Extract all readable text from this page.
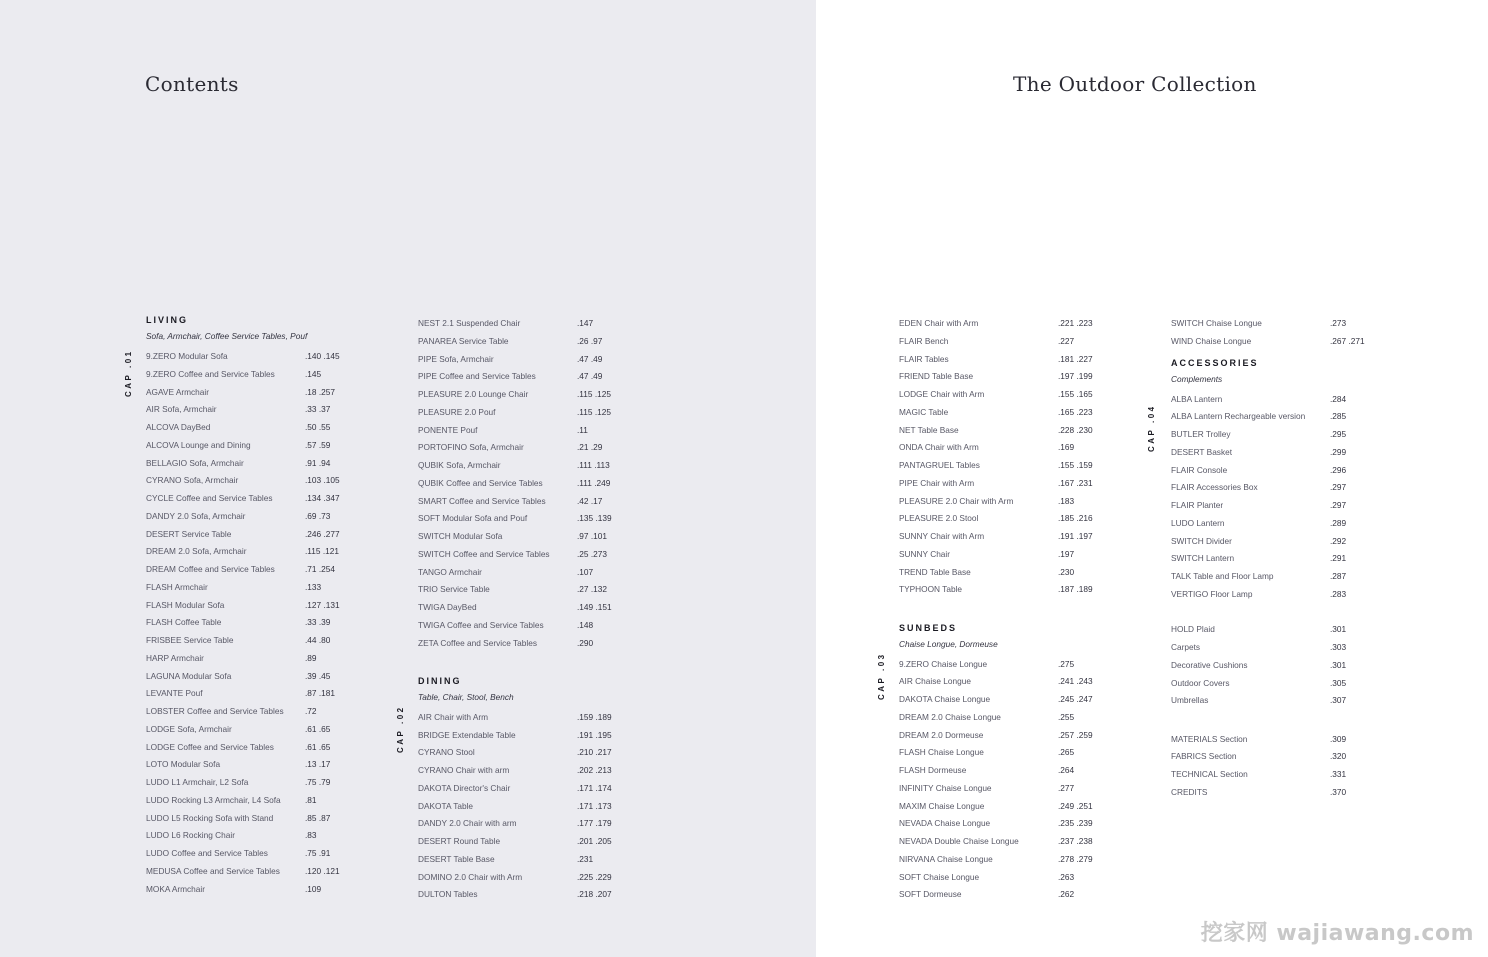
Contents
CAP .01
CAP .02
LIVING
Sofa, Armchair, Coffee Service Tables, Pouf
9.ZERO Modular Sofa	.140 .145
9.ZERO Coffee and Service Tables	.145
AGAVE Armchair	.18 .257
AIR Sofa, Armchair	.33 .37
ALCOVA DayBed	.50 .55
ALCOVA Lounge and Dining	.57 .59
BELLAGIO Sofa, Armchair	.91 .94
CYRANO Sofa, Armchair	.103 .105
CYCLE Coffee and Service Tables	.134 .347
DANDY 2.0 Sofa, Armchair	.69 .73
DESERT Service Table	.246 .277
DREAM 2.0 Sofa, Armchair	.115 .121
DREAM Coffee and Service Tables	.71 .254
FLASH Armchair	.133
FLASH Modular Sofa	.127 .131
FLASH Coffee Table	.33 .39
FRISBEE Service Table	.44 .80
HARP Armchair	.89
LAGUNA Modular Sofa	.39 .45
LEVANTE Pouf	.87 .181
LOBSTER Coffee and Service Tables	.72
LODGE Sofa, Armchair	.61 .65
LODGE Coffee and Service Tables	.61 .65
LOTO Modular Sofa	.13 .17
LUDO L1 Armchair, L2 Sofa	.75 .79
LUDO Rocking L3 Armchair, L4 Sofa	.81
LUDO L5 Rocking Sofa with Stand	.85 .87
LUDO L6 Rocking Chair	.83
LUDO Coffee and Service Tables	.75 .91
MEDUSA Coffee and Service Tables	.120 .121
MOKA Armchair	.109
NEST 2.1 Suspended Chair	.147
PANAREA Service Table	.26 .97
PIPE Sofa, Armchair	.47 .49
PIPE Coffee and Service Tables	.47 .49
PLEASURE 2.0 Lounge Chair	.115 .125
PLEASURE 2.0 Pouf	.115 .125
PONENTE Pouf	.11
PORTOFINO Sofa, Armchair	.21 .29
QUBIK Sofa, Armchair	.111 .113
QUBIK Coffee and Service Tables	.111 .249
SMART Coffee and Service Tables	.42 .17
SOFT Modular Sofa and Pouf	.135 .139
SWITCH Modular Sofa	.97 .101
SWITCH Coffee and Service Tables	.25 .273
TANGO Armchair	.107
TRIO Service Table	.27 .132
TWIGA DayBed	.149 .151
TWIGA Coffee and Service Tables	.148
ZETA Coffee and Service Tables	.290
DINING
Table, Chair, Stool, Bench
AIR Chair with Arm	.159 .189
BRIDGE Extendable Table	.191 .195
CYRANO Stool	.210 .217
CYRANO Chair with arm	.202 .213
DAKOTA Director's Chair	.171 .174
DAKOTA Table	.171 .173
DANDY 2.0 Chair with arm	.177 .179
DESERT Round Table	.201 .205
DESERT Table Base	.231
DOMINO 2.0 Chair with Arm	.225 .229
DULTON Tables	.218 .207
The Outdoor Collection
CAP .03
CAP .04
EDEN Chair with Arm	.221 .223
FLAIR Bench	.227
FLAIR Tables	.181 .227
FRIEND Table Base	.197 .199
LODGE Chair with Arm	.155 .165
MAGIC Table	.165 .223
NET Table Base	.228 .230
ONDA Chair with Arm	.169
PANTAGRUEL Tables	.155 .159
PIPE Chair with Arm	.167 .231
PLEASURE 2.0 Chair with Arm	.183
PLEASURE 2.0 Stool	.185 .216
SUNNY Chair with Arm	.191 .197
SUNNY Chair	.197
TREND Table Base	.230
TYPHOON Table	.187 .189
SUNBEDS
Chaise Longue, Dormeuse
9.ZERO Chaise Longue	.275
AIR Chaise Longue	.241 .243
DAKOTA Chaise Longue	.245 .247
DREAM 2.0 Chaise Longue	.255
DREAM 2.0 Dormeuse	.257 .259
FLASH Chaise Longue	.265
FLASH Dormeuse	.264
INFINITY Chaise Longue	.277
MAXIM Chaise Longue	.249 .251
NEVADA Chaise Longue	.235 .239
NEVADA Double Chaise Longue	.237 .238
NIRVANA Chaise Longue	.278 .279
SOFT Chaise Longue	.263
SOFT Dormeuse	.262
SWITCH Chaise Longue	.273
WIND Chaise Longue	.267 .271
ACCESSORIES
Complements
ALBA Lantern	.284
ALBA Lantern Rechargeable version	.285
BUTLER Trolley	.295
DESERT Basket	.299
FLAIR Console	.296
FLAIR Accessories Box	.297
FLAIR Planter	.297
LUDO Lantern	.289
SWITCH Divider	.292
SWITCH Lantern	.291
TALK Table and Floor Lamp	.287
VERTIGO Floor Lamp	.283
HOLD Plaid	.301
Carpets	.303
Decorative Cushions	.301
Outdoor Covers	.305
Umbrellas	.307
MATERIALS Section	.309
FABRICS Section	.320
TECHNICAL Section	.331
CREDITS	.370
挖家网 wajiawang.com
